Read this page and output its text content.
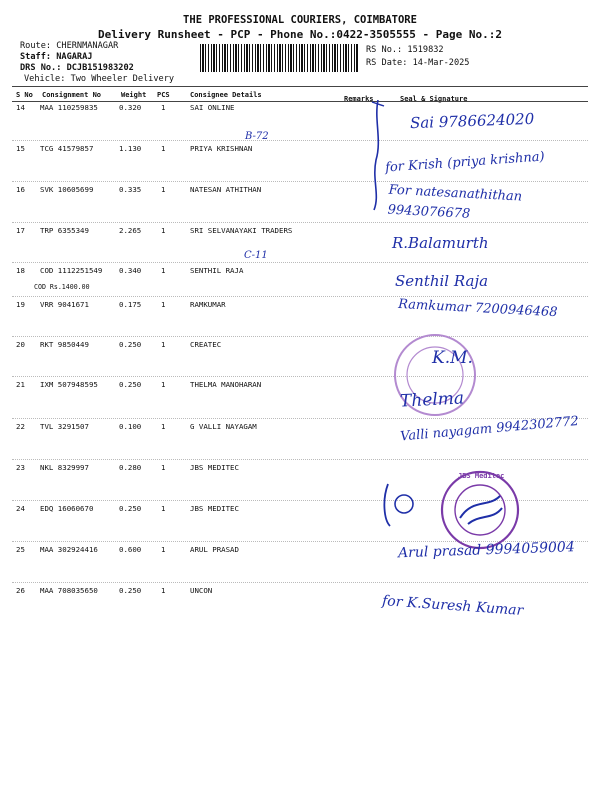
THE PROFESSIONAL COURIERS, COIMBATORE
Delivery Runsheet - PCP - Phone No.:0422-3505555 - Page No.:2
Route: CHERNMANAGAR
Staff: NAGARAJ
DRS No.: DCJB151983202
Vehicle: Two Wheeler Delivery
RS No.: 1519832
RS Date: 14-Mar-2025
S No Consignment No	Weight PCS	Consignee Details	Remarks	Seal & Signature
14 MAA 110259835	0.320	1	SAI ONLINE
15 TCG 41579857	1.130	1	PRIYA KRISHNAN
16 SVK 10605699	0.335	1	NATESAN ATHITHAN
17 TRP 6355349	2.265	1	SRI SELVANAYAKI TRADERS
18 COD 1112251549 0.340	1	SENTHIL RAJA
COD Rs.1400.00
19 VRR 9041671	0.175	1	RAMKUMAR
20 RKT 9850449	0.250	1	CREATEC
21 IXM 507948595	0.250	1	THELMA MANOHARAN
22 TVL 3291507	0.100	1	G VALLI NAYAGAM
23 NKL 8329997	0.280	1	JBS MEDITEC
24 EDQ 16060670	0.250	1	JBS MEDITEC
25 MAA 302924416	0.600	1	ARUL PRASAD
26 MAA 708035650	0.250	1	UNCON
B-72
C-11
Sai 9786624020
for Krish (priya krishna)
For natesanathithan 9943076678
R.Balamurth
Senthil Raja
Ramkumar 7200946468
K.M.
Thelma
Valli nayagam 9942302772
JBS Meditec
Arul prasad 9994059004
for K.Suresh Kumar
